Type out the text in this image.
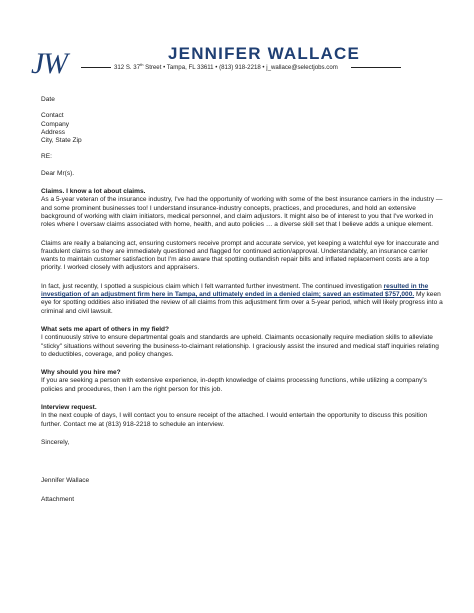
J
W	JENNIFER WALLACE
312 S. 37th Street • Tampa, FL 33611 • (813) 918-2218 • j_wallace@selectjobs.com

Date

Contact
Company
Address
City, State Zip

RE:

Dear Mr(s).

Claims. I know a lot about claims.

As a 5-year veteran of the insurance industry, I've had the opportunity of working with some of the best insurance carriers in the industry — and some prominent businesses too! I understand insurance-industry concepts, practices, and procedures, and hold an extensive background of working with claim initiators, medical personnel, and claim adjustors. It might also be of interest to you that I've worked in roles where I oversaw claims associated with home, health, and auto policies … a diverse skill set that I believe adds a unique element.

Claims are really a balancing act, ensuring customers receive prompt and accurate service, yet keeping a watchful eye for inaccurate and fraudulent claims so they are immediately questioned and flagged for continued action/approval. Understandably, an insurance carrier wants to maintain customer satisfaction but I'm also aware that spotting outlandish repair bills and inflated replacement costs are a top priority. I worked closely with adjustors and appraisers.

In fact, just recently, I spotted a suspicious claim which I felt warranted further investment. The continued investigation resulted in the investigation of an adjustment firm here in Tampa, and ultimately ended in a denied claim; saved an estimated $757,000. My keen eye for spotting oddities also initiated the review of all claims from this adjustment firm over a 5-year period, which will likely progress into a criminal and civil lawsuit.

What sets me apart of others in my field?

I continuously strive to ensure departmental goals and standards are upheld. Claimants occasionally require mediation skills to alleviate "sticky" situations without severing the business-to-claimant relationship. I graciously assist the insured and medical staff inquiries relating to deductibles, coverage, and policy changes.

Why should you hire me?

If you are seeking a person with extensive experience, in-depth knowledge of claims processing functions, while utilizing a company's policies and procedures, then I am the right person for this job.

Interview request.

In the next couple of days, I will contact you to ensure receipt of the attached. I would entertain the opportunity to discuss this position further. Contact me at (813) 918-2218 to schedule an interview.

Sincerely,

Jennifer Wallace

Attachment
